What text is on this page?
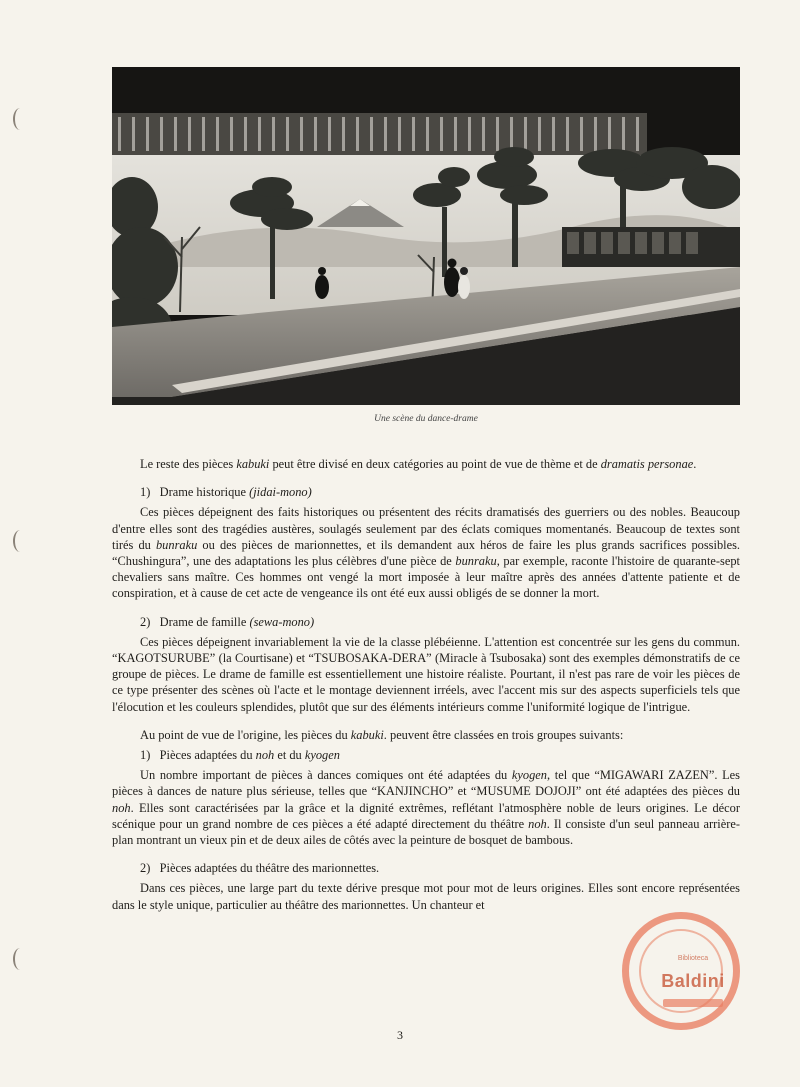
Une scène du dance-drame

Le reste des pièces kabuki peut être divisé en deux catégories au point de vue de thème et de dramatis personae.

1) Drame historique (jidai-mono)

Ces pièces dépeignent des faits historiques ou présentent des récits dramatisés des guerriers ou des nobles. Beaucoup d'entre elles sont des tragédies austères, soulagés seulement par des éclats comiques momentanés. Beaucoup de textes sont tirés du bunraku ou des pièces de marionnettes, et ils demandent aux héros de faire les plus grands sacrifices possibles. “Chushingura”, une des adaptations les plus célèbres d'une pièce de bunraku, par exemple, raconte l'histoire de quarante-sept chevaliers sans maître. Ces hommes ont vengé la mort imposée à leur maître après des années d'attente patiente et de conspiration, et à cause de cet acte de vengeance ils ont été eux aussi obligés de se donner la mort.

2) Drame de famille (sewa-mono)

Ces pièces dépeignent invariablement la vie de la classe plébéienne. L'attention est concentrée sur les gens du commun. “KAGOTSURUBE” (la Courtisane) et “TSUBOSAKA-DERA” (Miracle à Tsubosaka) sont des exemples démonstratifs de ce groupe de pièces. Le drame de famille est essentiellement une histoire réaliste. Pourtant, il n'est pas rare de voir les pièces de ce type présenter des scènes où l'acte et le montage deviennent irréels, avec l'accent mis sur des aspects superficiels tels que l'élocution et les couleurs splendides, plutôt que sur des éléments intérieurs comme l'uniformité logique de l'intrigue.

Au point de vue de l'origine, les pièces du kabuki. peuvent être classées en trois groupes suivants:

1) Pièces adaptées du noh et du kyogen

Un nombre important de pièces à dances comiques ont été adaptées du kyogen, tel que “MIGAWARI ZAZEN”. Les pièces à dances de nature plus sérieuse, telles que “KANJINCHO” et “MUSUME DOJOJI” ont été adaptées des pièces du noh. Elles sont caractérisées par la grâce et la dignité extrêmes, reflétant l'atmosphère noble de leurs origines. Le décor scénique pour un grand nombre de ces pièces a été adapté directement du théâtre noh. Il consiste d'un seul panneau arrière-plan montrant un vieux pin et de deux ailes de côtés avec la peinture de bosquet de bambous.

2) Pièces adaptées du théâtre des marionnettes.

Dans ces pièces, une large part du texte dérive presque mot pour mot de leurs origines. Elles sont encore représentées dans le style unique, particulier au théâtre des marionnettes. Un chanteur et

Biblioteca
Baldini
3
